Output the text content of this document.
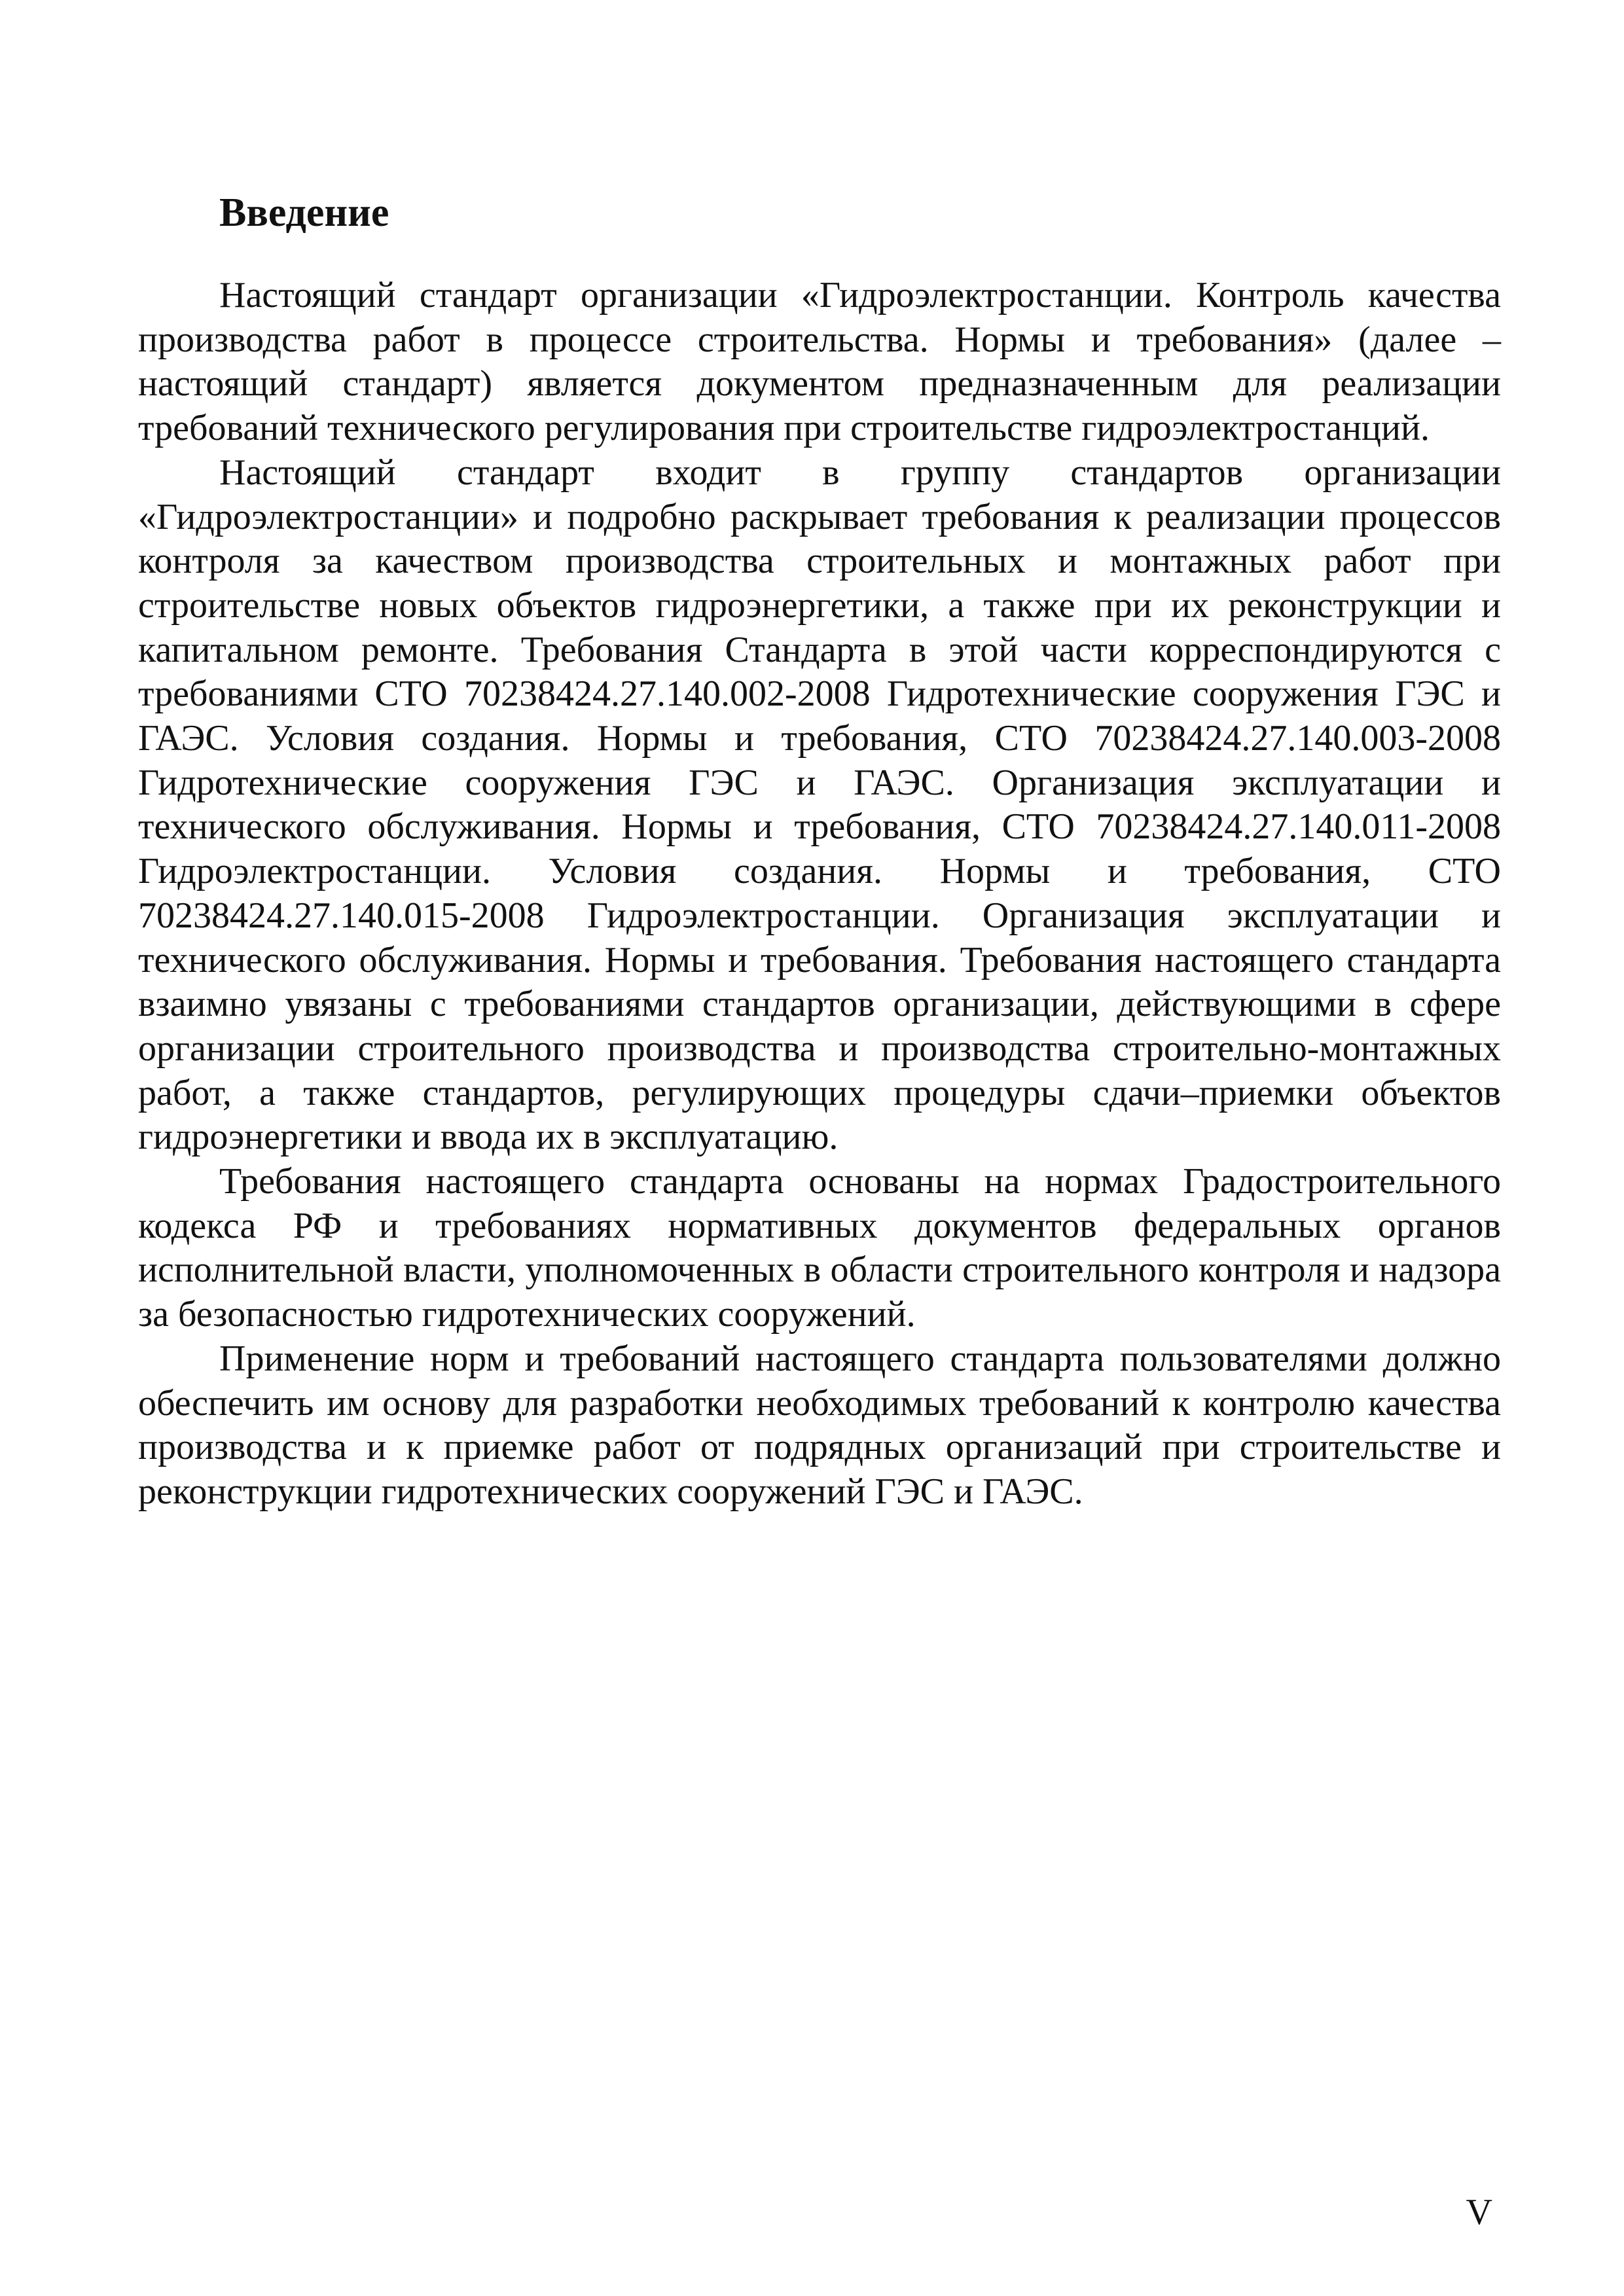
Введение

Настоящий стандарт организации «Гидроэлектростанции. Контроль качества производства работ в процессе строительства. Нормы и требования» (далее – настоящий стандарт) является документом предназначенным для реализации требований технического регулирования при строительстве гидроэлектростанций.

Настоящий стандарт входит в группу стандартов организации «Гидроэлектростанции» и подробно раскрывает требования к реализации процессов контроля за качеством производства строительных и монтажных работ при строительстве новых объектов гидроэнергетики, а также при их реконструкции и капитальном ремонте. Требования Стандарта в этой части корреспондируются с требованиями СТО 70238424.27.140.002-2008 Гидротехнические сооружения ГЭС и ГАЭС. Условия создания. Нормы и требования, СТО 70238424.27.140.003-2008 Гидротехнические сооружения ГЭС и ГАЭС. Организация эксплуатации и технического обслуживания. Нормы и требования, СТО 70238424.27.140.011-2008 Гидроэлектростанции. Условия создания. Нормы и требования, СТО 70238424.27.140.015-2008 Гидроэлектростанции. Организация эксплуатации и технического обслуживания. Нормы и требования. Требования настоящего стандарта взаимно увязаны с требованиями стандартов организации, действующими в сфере организации строительного производства и производства строительно-монтажных работ, а также стандартов, регулирующих процедуры сдачи–приемки объектов гидроэнергетики и ввода их в эксплуатацию.

Требования настоящего стандарта основаны на нормах Градостроительного кодекса РФ и требованиях нормативных документов федеральных органов исполнительной власти, уполномоченных в области строительного контроля и надзора за безопасностью гидротехнических сооружений.

Применение норм и требований настоящего стандарта пользователями должно обеспечить им основу для разработки необходимых требований к контролю качества производства и к приемке работ от подрядных организаций при строительстве и реконструкции гидротехнических сооружений ГЭС и ГАЭС.

V
